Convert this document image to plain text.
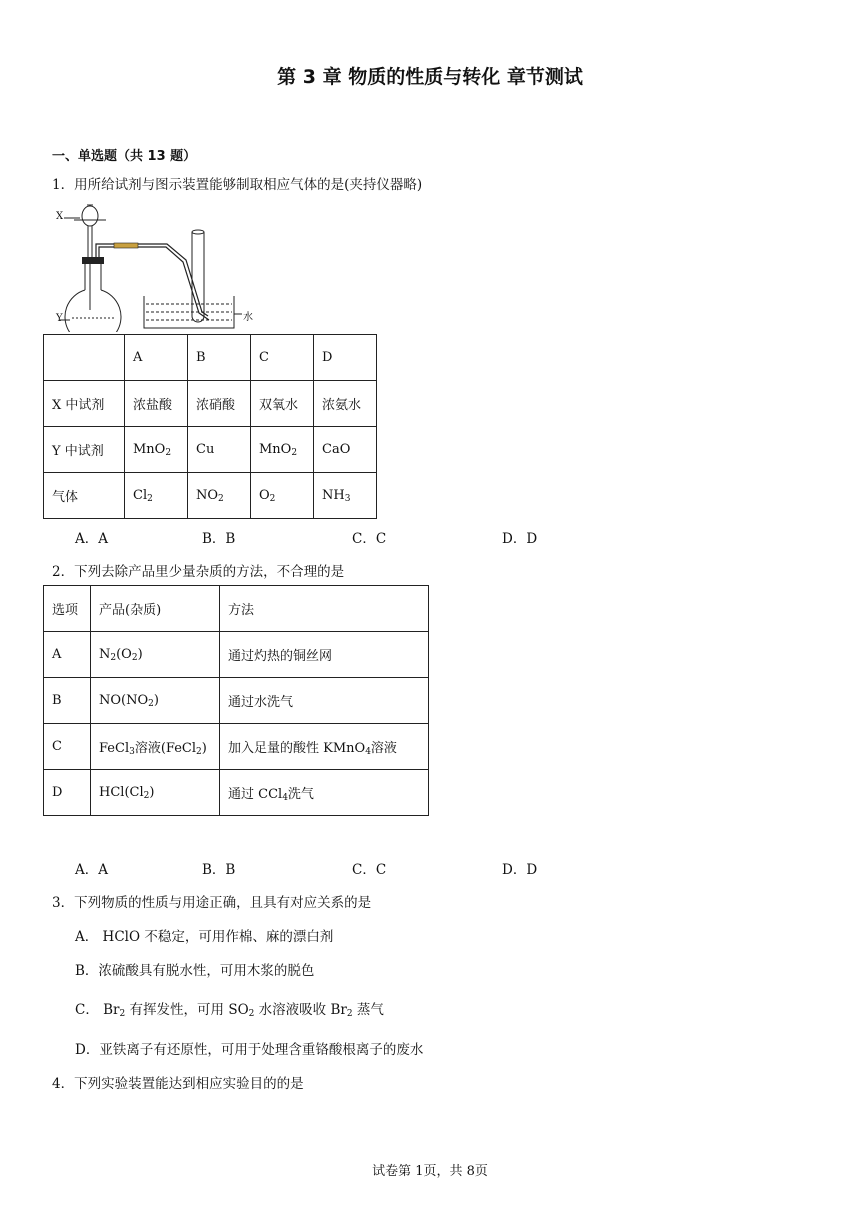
第 3 章 物质的性质与转化 章节测试
一、单选题（共 13 题）
1．用所给试剂与图示装置能够制取相应气体的是(夹持仪器略)
X
Y	水
	A	B	C	D
X 中试剂	浓盐酸	浓硝酸	双氧水	浓氨水
Y 中试剂	MnO$_2$	Cu	MnO$_2$	CaO
气体	$Cl_2$	$NO_2$	$O_2$	$NH_3$
A．A	B．B	C．C	D．D
2．下列去除产品里少量杂质的方法，不合理的是
选项	产品(杂质)	方法
A	$N_2(O_2)$	通过灼热的铜丝网
B	$NO(NO_2)$	通过水洗气
C	FeCl$_3$溶液(FeCl$_2$)	加入足量的酸性 KMnO$_4$溶液
D	$HCl(Cl_2)$	通过 CCl$_4$洗气
A．A	B．B	C．C	D．D
3．下列物质的性质与用途正确，且具有对应关系的是
A． HClO 不稳定，可用作棉、麻的漂白剂
B．浓硫酸具有脱水性，可用木浆的脱色
C． $Br_2$ 有挥发性，可用 $SO_2$ 水溶液吸收 $Br_2$ 蒸气
D．亚铁离子有还原性，可用于处理含重铬酸根离子的废水
4．下列实验装置能达到相应实验目的的是
试卷第 1页，共 8页
